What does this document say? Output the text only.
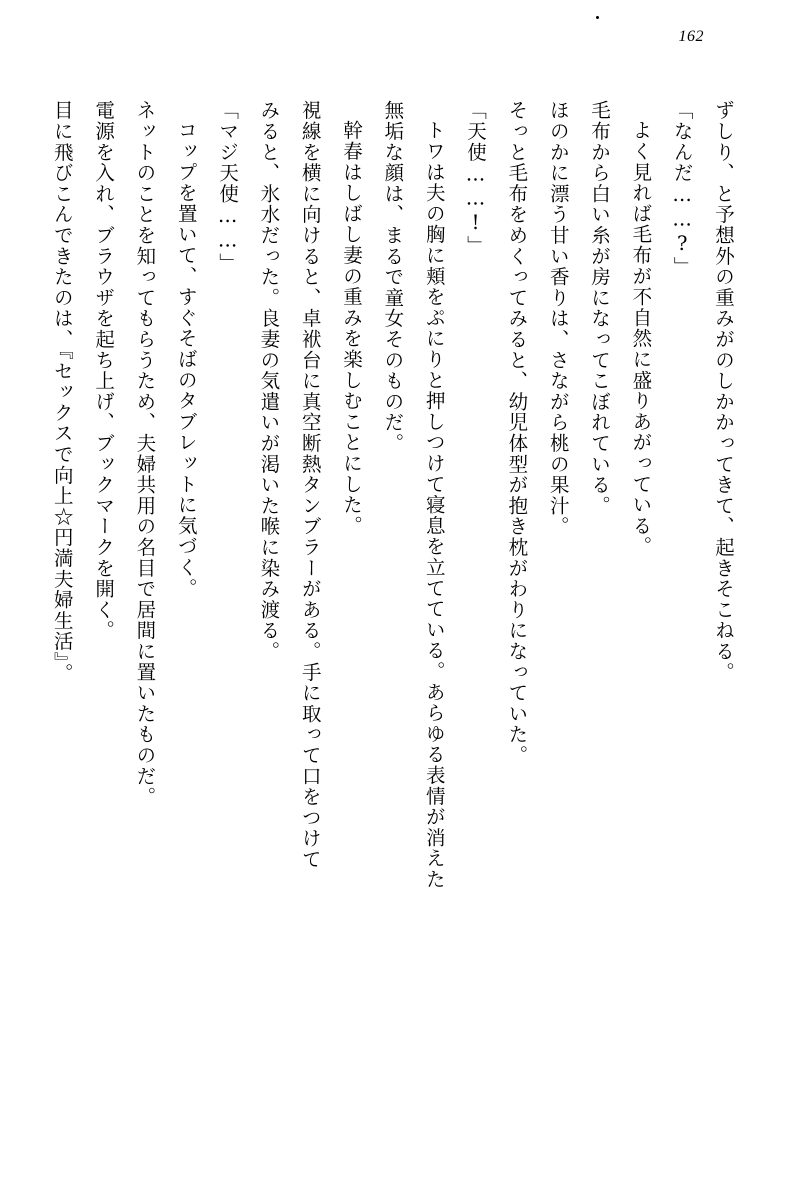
162

ずしり、と予想外の重みがのしかかってきて、起きそこねる。

「なんだ……?」

よく見れば毛布が不自然に盛りあがっている。

毛布から白い糸が房になってこぼれている。

ほのかに漂う甘い香りは、さながら桃の果汁。

そっと毛布をめくってみると、幼児体型が抱き枕がわりになっていた。

「天使……!」

トワは夫の胸に頬をぷにりと押しつけて寝息を立てている。あらゆる表情が消えた

無垢な顔は、まるで童女そのものだ。

幹春はしばし妻の重みを楽しむことにした。

視線を横に向けると、卓袱台に真空断熱タンブラーがある。手に取って口をつけて

みると、氷水だった。良妻の気遣いが渇いた喉に染み渡る。

「マジ天使……」

コップを置いて、すぐそばのタブレットに気づく。

ネットのことを知ってもらうため、夫婦共用の名目で居間に置いたものだ。

電源を入れ、ブラウザを起ち上げ、ブックマークを開く。

目に飛びこんできたのは、『セックスで向上☆円満夫婦生活』。
